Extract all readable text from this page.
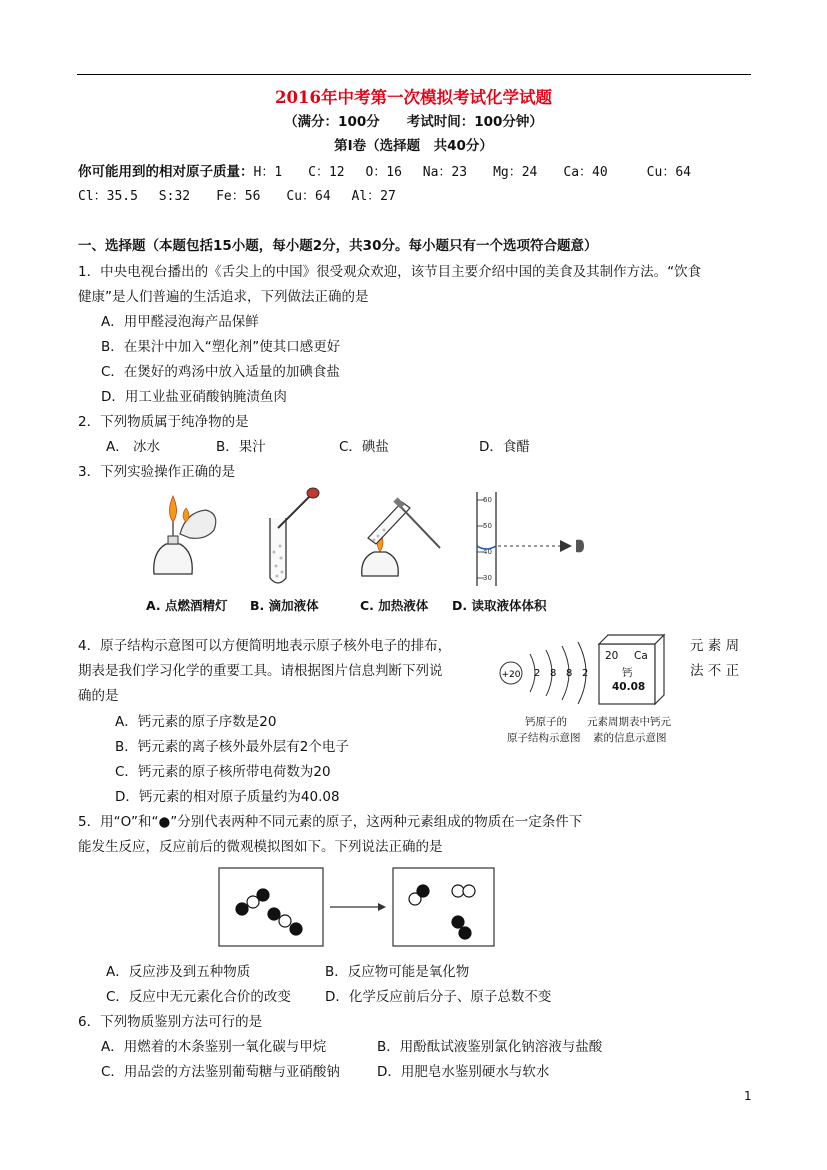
2016年中考第一次模拟考试化学试题
（满分：100分　　考试时间：100分钟）
第Ⅰ卷（选择题　共40分）
你可能用到的相对原子质量：H：1　　C：12　 O：16　 Na：23　　Mg：24　　Ca：40　　　Cu：64
Cl：35.5　 S:32　　Fe：56　　Cu：64　 Al：27
一、选择题（本题包括15小题，每小题2分，共30分。每小题只有一个选项符合题意）
1．中央电视台播出的《舌尖上的中国》很受观众欢迎，该节目主要介绍中国的美食及其制作方法。“饮食
健康”是人们普遍的生活追求，下列做法正确的是
A．用甲醛浸泡海产品保鲜
B．在果汁中加入“塑化剂”使其口感更好
C．在煲好的鸡汤中放入适量的加碘食盐
D．用工业盐亚硝酸钠腌渍鱼肉
2．下列物质属于纯净物的是
A． 冰水	B．果汁	C．碘盐	D．食醋
3．下列实验操作正确的是
60
50
40
30
A. 点燃酒精灯 B. 滴加液体	C. 加热液体 D. 读取液体体积
4．原子结构示意图可以方便简明地表示原子核外电子的排布，	元 素 周
期表是我们学习化学的重要工具。请根据图片信息判断下列说	法 不 正
确的是
A．钙元素的原子序数是20
B．钙元素的离子核外最外层有2个电子
C．钙元素的原子核所带电荷数为20
D．钙元素的相对原子质量约为40.08
+20 2 8 8 2
20 Ca
钙
40.08
钙原子的
原子结构示意图
元素周期表中钙元
素的信息示意图
5．用“O”和“●”分别代表两种不同元素的原子，这两种元素组成的物质在一定条件下
能发生反应，反应前后的微观模拟图如下。下列说法正确的是
A．反应涉及到五种物质	B．反应物可能是氧化物
C．反应中无元素化合价的改变	D．化学反应前后分子、原子总数不变
6．下列物质鉴别方法可行的是
A．用燃着的木条鉴别一氧化碳与甲烷	B．用酚酞试液鉴别氯化钠溶液与盐酸
C．用品尝的方法鉴别葡萄糖与亚硝酸钠	D．用肥皂水鉴别硬水与软水
1
